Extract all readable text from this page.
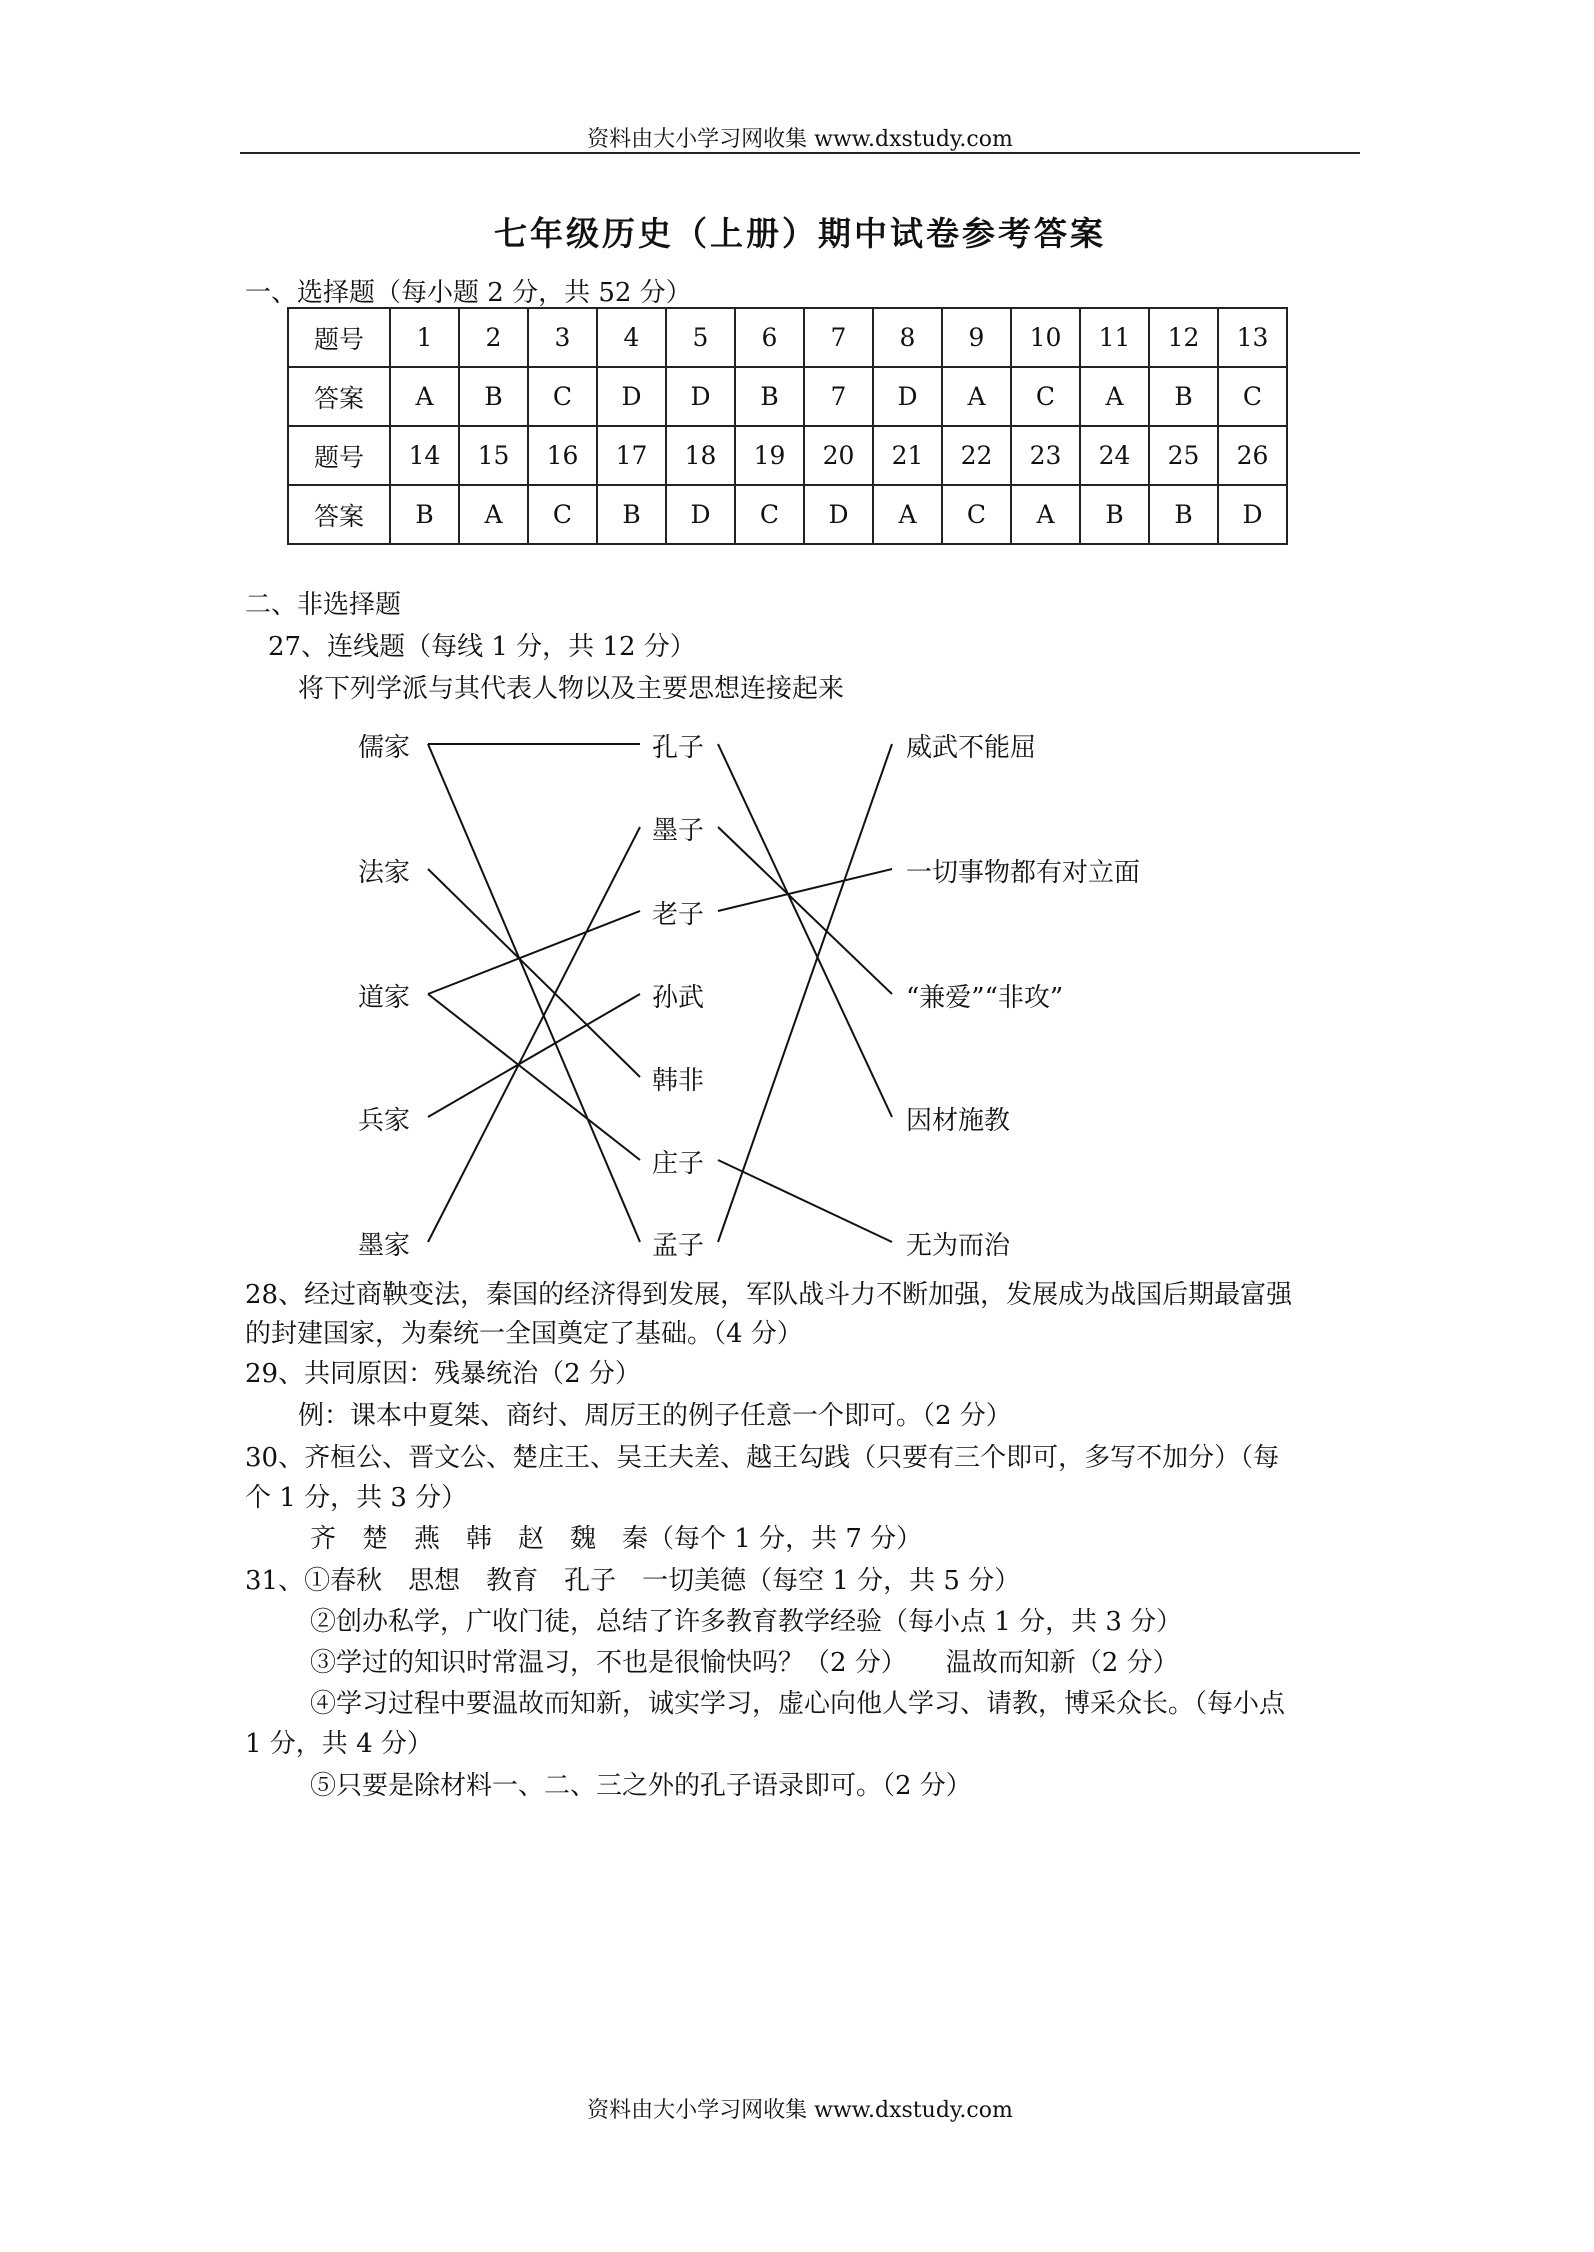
资料由大小学习网收集 www.dxstudy.com
七年级历史（上册）期中试卷参考答案
一、选择题（每小题 2 分，共 52 分）
题号	1	2	3	4	5	6	7	8	9	10	11	12	13
答案	A	B	C	D	D	B	7	D	A	C	A	B	C
题号	14	15	16	17	18	19	20	21	22	23	24	25	26
答案	B	A	C	B	D	C	D	A	C	A	B	B	D
二、非选择题
27、连线题（每线 1 分，共 12 分）
将下列学派与其代表人物以及主要思想连接起来
儒家
法家
道家
兵家
墨家
孔子
墨子
老子
孙武
韩非
庄子
孟子
威武不能屈
一切事物都有对立面
“兼爱”“非攻”
因材施教
无为而治
28、经过商鞅变法，秦国的经济得到发展，军队战斗力不断加强，发展成为战国后期最富强
的封建国家，为秦统一全国奠定了基础。（4 分）
29、共同原因：残暴统治（2 分）
例：课本中夏桀、商纣、周厉王的例子任意一个即可。（2 分）
30、齐桓公、晋文公、楚庄王、吴王夫差、越王勾践（只要有三个即可，多写不加分）（每
个 1 分，共 3 分）
齐　楚　燕　韩　赵　魏　秦（每个 1 分，共 7 分）
31、①春秋　思想　教育　孔子　一切美德（每空 1 分，共 5 分）
②创办私学，广收门徒，总结了许多教育教学经验（每小点 1 分，共 3 分）
③学过的知识时常温习，不也是很愉快吗？（2 分）　　温故而知新（2 分）
④学习过程中要温故而知新，诚实学习，虚心向他人学习、请教，博采众长。（每小点
1 分，共 4 分）
⑤只要是除材料一、二、三之外的孔子语录即可。（2 分）
资料由大小学习网收集 www.dxstudy.com
